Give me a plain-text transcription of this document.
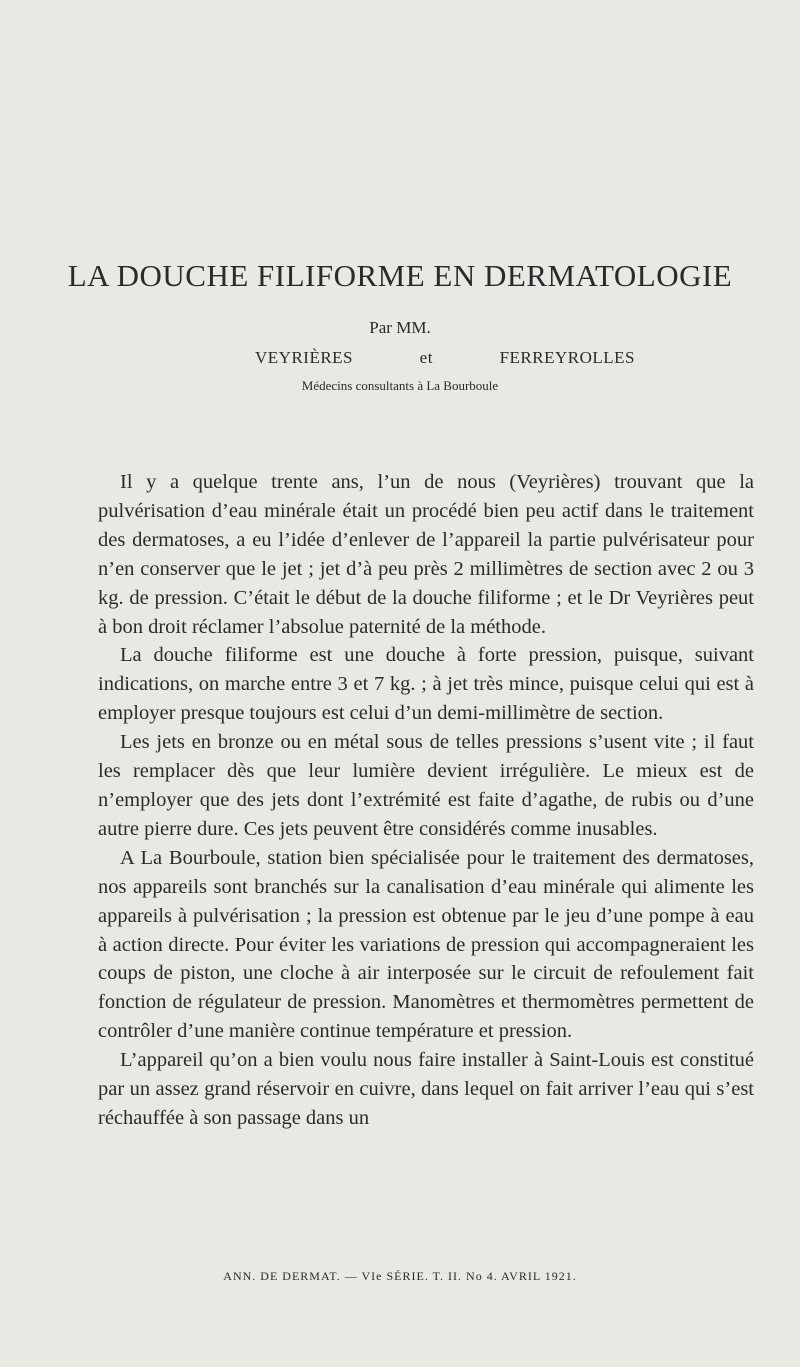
LA DOUCHE FILIFORME EN DERMATOLOGIE
Par MM.
VEYRIÈRES	et	FERREYROLLES
Médecins consultants à La Bourboule

Il y a quelque trente ans, l’un de nous (Veyrières) trouvant que la pulvérisation d’eau minérale était un procédé bien peu actif dans le traitement des dermatoses, a eu l’idée d’enlever de l’appareil la partie pulvérisateur pour n’en conserver que le jet ; jet d’à peu près 2 millimètres de section avec 2 ou 3 kg. de pression. C’était le début de la douche filiforme ; et le Dr Veyrières peut à bon droit réclamer l’absolue paternité de la méthode.

La douche filiforme est une douche à forte pression, puisque, suivant indications, on marche entre 3 et 7 kg. ; à jet très mince, puisque celui qui est à employer presque toujours est celui d’un demi-millimètre de section.

Les jets en bronze ou en métal sous de telles pressions s’usent vite ; il faut les remplacer dès que leur lumière devient irrégulière. Le mieux est de n’employer que des jets dont l’extrémité est faite d’agathe, de rubis ou d’une autre pierre dure. Ces jets peuvent être considérés comme inusables.

A La Bourboule, station bien spécialisée pour le traitement des dermatoses, nos appareils sont branchés sur la canalisation d’eau minérale qui alimente les appareils à pulvérisation ; la pression est obtenue par le jeu d’une pompe à eau à action directe. Pour éviter les variations de pression qui accompagneraient les coups de piston, une cloche à air interposée sur le circuit de refoulement fait fonction de régulateur de pression. Manomètres et thermomètres permettent de contrôler d’une manière continue température et pression.

L’appareil qu’on a bien voulu nous faire installer à Saint-Louis est constitué par un assez grand réservoir en cuivre, dans lequel on fait arriver l’eau qui s’est réchauffée à son passage dans un

ANN. DE DERMAT. — VIe SÉRIE. T. II. No 4. AVRIL 1921.
